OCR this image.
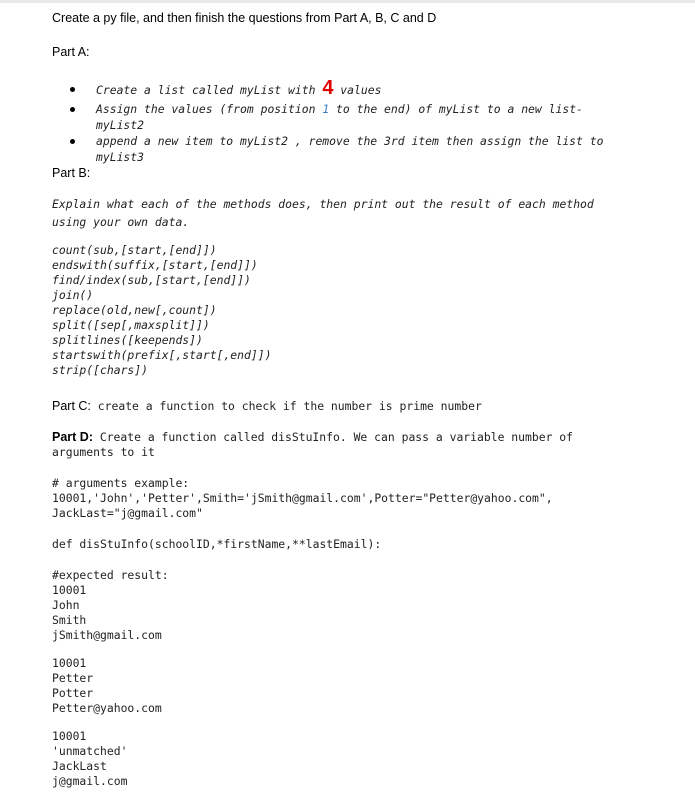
Create a py file, and then finish the questions from Part A, B, C and D
Part A:
Create a list called myList with 4 values
Assign the values (from position 1 to the end) of myList to a new list-
myList2
append a new item to myList2 , remove the 3rd item then assign the list to
myList3
Part B:
Explain what each of the methods does, then print out the result of each method
using your own data.
count(sub,[start,[end]])
endswith(suffix,[start,[end]])
find/index(sub,[start,[end]])
join()
replace(old,new[,count])
split([sep[,maxsplit]])
splitlines([keepends])
startswith(prefix[,start[,end]])
strip([chars])
Part C: create a function to check if the number is prime number
Part D: Create a function called disStuInfo. We can pass a variable number of
arguments to it
# arguments example:
10001,'John','Petter',Smith='jSmith@gmail.com',Potter="Petter@yahoo.com",
JackLast="j@gmail.com"
def disStuInfo(schoolID,*firstName,**lastEmail):
#expected result:
10001
John
Smith
jSmith@gmail.com
10001
Petter
Potter
Petter@yahoo.com
10001
'unmatched'
JackLast
j@gmail.com
